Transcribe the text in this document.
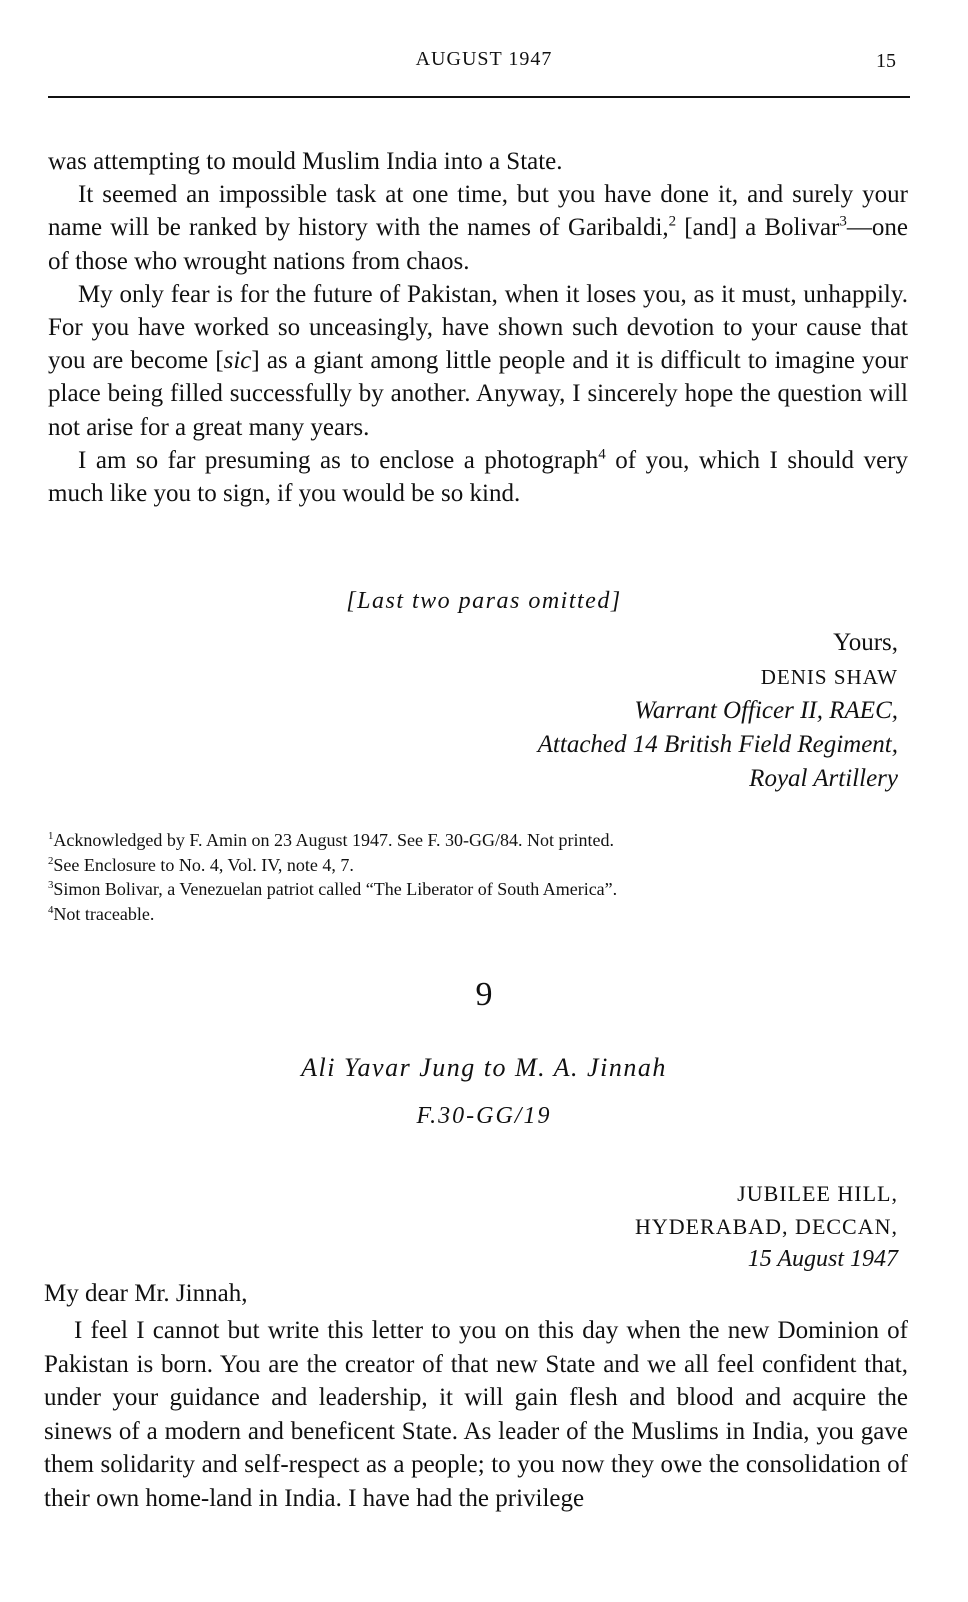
AUGUST 1947	15

was attempting to mould Muslim India into a State.

It seemed an impossible task at one time, but you have done it, and surely your name will be ranked by history with the names of Garibaldi,$^2$ [and] a Bolivar$^3$—one of those who wrought nations from chaos.

My only fear is for the future of Pakistan, when it loses you, as it must, unhappily. For you have worked so unceasingly, have shown such devotion to your cause that you are become [sic] as a giant among little people and it is difficult to imagine your place being filled successfully by another. Anyway, I sincerely hope the question will not arise for a great many years.

I am so far presuming as to enclose a photograph$^4$ of you, which I should very much like you to sign, if you would be so kind.

[Last two paras omitted]
Yours,
DENIS SHAW
Warrant Officer II, RAEC,
Attached 14 British Field Regiment,
Royal Artillery
$^1$Acknowledged by F. Amin on 23 August 1947. See F. 30-GG/84. Not printed.
$^2$See Enclosure to No. 4, Vol. IV, note 4, 7.
$^3$Simon Bolivar, a Venezuelan patriot called “The Liberator of South America”.
$^4$Not traceable.
9
Ali Yavar Jung to M. A. Jinnah
F.30-GG/19
JUBILEE HILL,
HYDERABAD, DECCAN,
15 August 1947
My dear Mr. Jinnah,

I feel I cannot but write this letter to you on this day when the new Dominion of Pakistan is born. You are the creator of that new State and we all feel confident that, under your guidance and leadership, it will gain flesh and blood and acquire the sinews of a modern and beneficent State. As leader of the Muslims in India, you gave them solidarity and self-respect as a people; to you now they owe the consolidation of their own home-land in India. I have had the privilege
